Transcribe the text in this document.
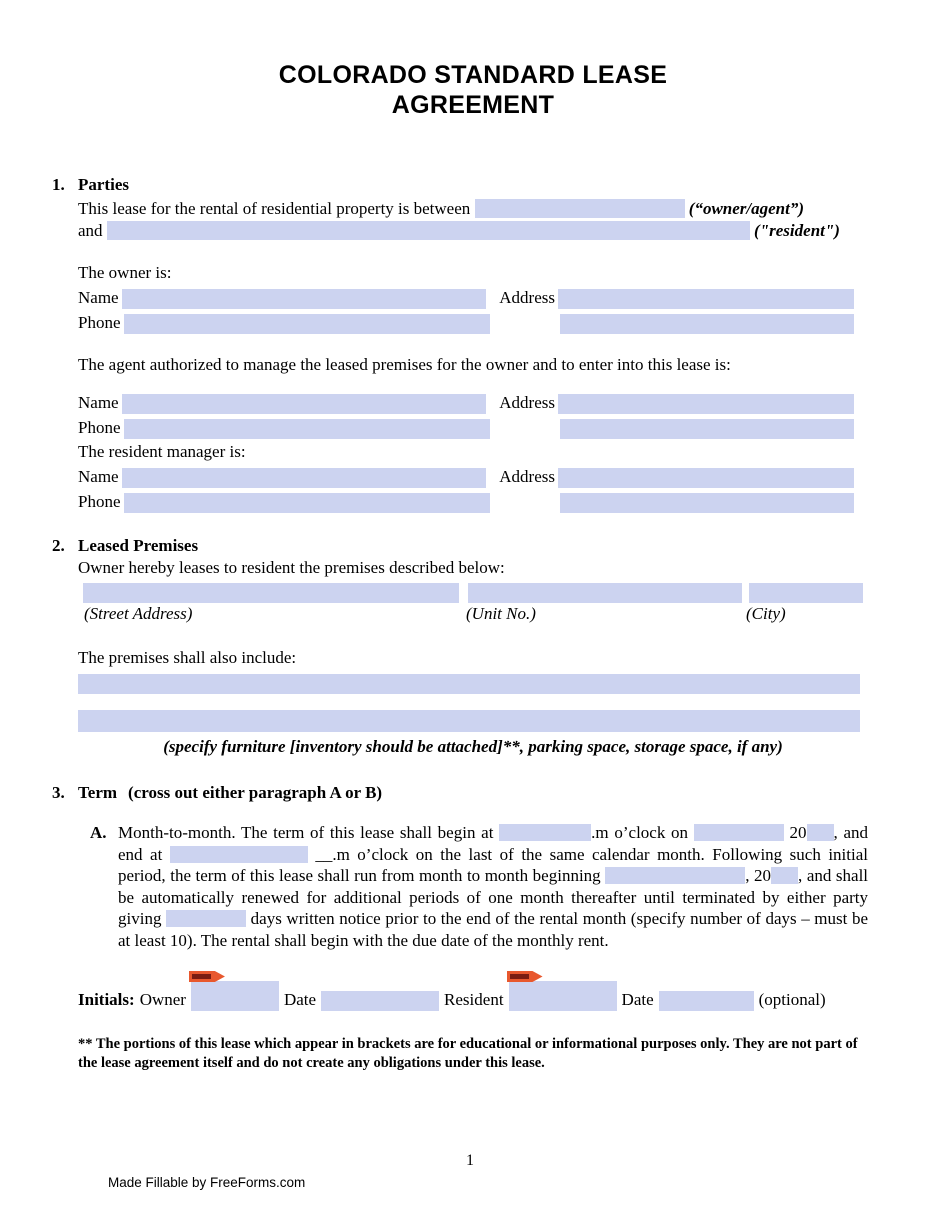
COLORADO STANDARD LEASE
AGREEMENT
1. Parties
This lease for the rental of residential property is between	(“owner/agent”)
and	("resident")

The owner is:

Name	Address
Phone

The agent authorized to manage the leased premises for the owner and to enter into this lease is:

Name	Address
Phone

The resident manager is:

Name	Address
Phone
2. Leased Premises

Owner hereby leases to resident the premises described below:

(Street Address)	(Unit No.)	(City)

The premises shall also include:

(specify furniture [inventory should be attached]**, parking space, storage space, if any)

3. Term (cross out either paragraph A or B)
A. Month-to-month. The term of this lease shall begin at	.m o’clock on	20 , and end at	__.m o’clock on the last of the same calendar month. Following such initial period, the term of this lease shall run from month to month beginning	, 20 , and shall be automatically renewed for additional periods of one month thereafter until terminated by either party giving	days written notice prior to the end of the rental month (specify number of days – must be at least 10). The rental shall begin with the due date of the monthly rent.
Initials: Owner	Date	Resident	Date	(optional)

** The portions of this lease which appear in brackets are for educational or informational purposes only. They are not part of the lease agreement itself and do not create any obligations under this lease.

1
Made Fillable by FreeForms.com
